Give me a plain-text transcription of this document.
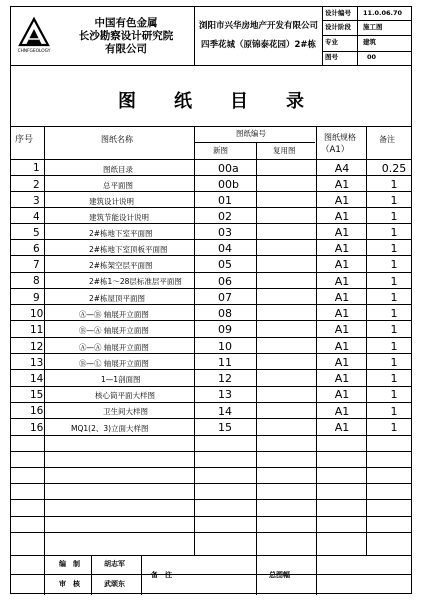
CHNFGEOLOGY
中国有色金属
长沙勘察设计研究院
有限公司
浏阳市兴华房地产开发有限公司
四季花城（原锦泰花园）2#栋
设计编号 11.0.06.70
设计阶段 施工图
专业	建筑
图号	00
图纸目录
序号	图纸名称
图纸编号
新图	复用图
图纸规格
（A1）
备注
1	图纸目录	00a	A4	0.25
2	总平面图	00b	A1	1
3	建筑设计说明	01	A1	1
4	建筑节能设计说明	02	A1	1
5	2#栋地下室平面图	03	A1	1
6	2#栋地下室顶板平面图	04	A1	1
7	2#栋架空层平面图	05	A1	1
8	2#栋1～28层标准层平面图	06	A1	1
9	2#栋屋顶平面图	07	A1	1
10	Ⓐ—Ⓑ 轴展开立面图	08	A1	1
11	Ⓑ—Ⓐ 轴展开立面图	09	A1	1
12	Ⓐ—Ⓐ 轴展开立面图	10	A1	1
13	Ⓑ—Ⓛ 轴展开立面图	11	A1	1
14	1—1剖面图	12	A1	1
15	核心筒平面大样图	13	A1	1
16	卫生间大样图	14	A1	1
16	MQ1(2、3)立面大样图	15	A1	1
编　制	胡志军
审　核	武颂东
备　注	总图幅
